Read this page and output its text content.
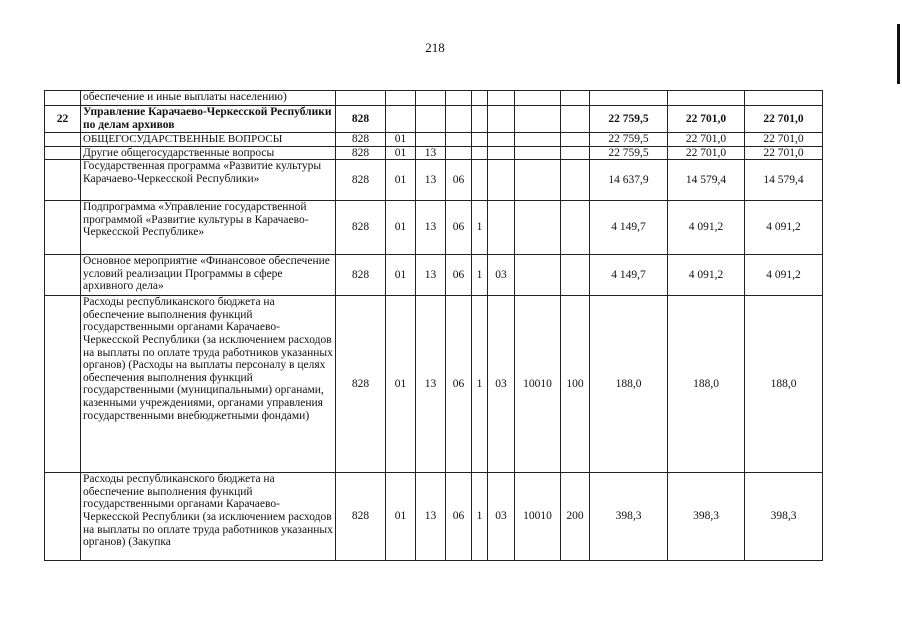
218
	обеспечение и иные выплаты населению)											
22	Управление Карачаево-Черкесской Республики по делам архивов	828								22 759,5	22 701,0	22 701,0
	ОБЩЕГОСУДАРСТВЕННЫЕ ВОПРОСЫ	828	01							22 759,5	22 701,0	22 701,0
	Другие общегосударственные вопросы	828	01	13						22 759,5	22 701,0	22 701,0
	Государственная программа «Развитие культуры Карачаево-Черкесской Республики»	828	01	13	06					14 637,9	14 579,4	14 579,4
	Подпрограмма «Управление государственной программой «Развитие культуры в Карачаево-Черкесской Республике»	828	01	13	06	1				4 149,7	4 091,2	4 091,2
	Основное мероприятие «Финансовое обеспечение условий реализации Программы в сфере архивного дела»	828	01	13	06	1	03			4 149,7	4 091,2	4 091,2
	Расходы республиканского бюджета на обеспечение выполнения функций государственными органами Карачаево-Черкесской Республики (за исключением расходов на выплаты по оплате труда работников указанных органов) (Расходы на выплаты персоналу в целях обеспечения выполнения функций государственными (муниципальными) органами, казенными учреждениями, органами управления государственными внебюджетными фондами)	828	01	13	06	1	03	10010	100	188,0	188,0	188,0
	Расходы республиканского бюджета на обеспечение выполнения функций государственными органами Карачаево-Черкесской Республики (за исключением расходов на выплаты по оплате труда работников указанных органов) (Закупка	828	01	13	06	1	03	10010	200	398,3	398,3	398,3
